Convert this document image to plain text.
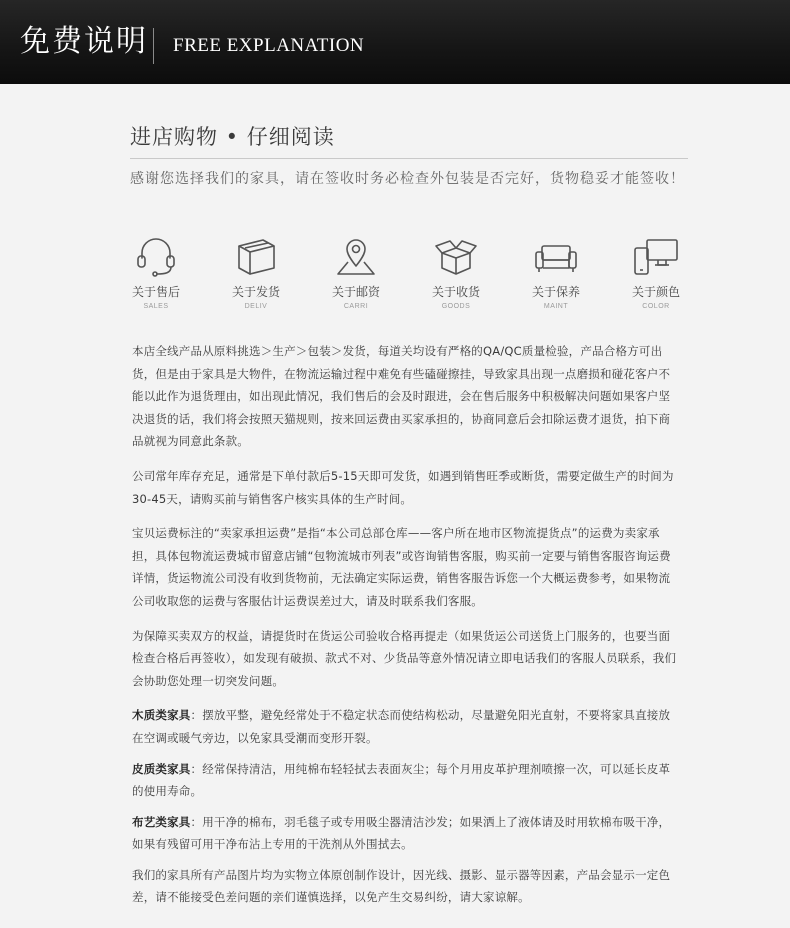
免费说明 FREE EXPLANATION
进店购物 • 仔细阅读
感谢您选择我们的家具，请在签收时务必检查外包装是否完好，货物稳妥才能签收！
关于售后
SALES
关于发货
DELIV
关于邮资
CARRI
关于收货
GOODS
关于保养
MAINT
关于颜色
COLOR

本店全线产品从原料挑选＞生产＞包装＞发货，每道关均设有严格的QA/QC质量检验，产品合格方可出货，但是由于家具是大物件，在物流运输过程中难免有些磕碰擦挂，导致家具出现一点磨损和碰花客户不能以此作为退货理由，如出现此情况，我们售后的会及时跟进，会在售后服务中积极解决问题如果客户坚决退货的话，我们将会按照天猫规则，按来回运费由买家承担的，协商同意后会扣除运费才退货，拍下商品就视为同意此条款。

公司常年库存充足，通常是下单付款后5-15天即可发货，如遇到销售旺季或断货，需要定做生产的时间为30-45天，请购买前与销售客户核实具体的生产时间。

宝贝运费标注的“卖家承担运费”是指“本公司总部仓库——客户所在地市区物流提货点”的运费为卖家承担，具体包物流运费城市留意店铺“包物流城市列表”或咨询销售客服，购买前一定要与销售客服咨询运费详情，货运物流公司没有收到货物前，无法确定实际运费，销售客服告诉您一个大概运费参考，如果物流公司收取您的运费与客服估计运费误差过大，请及时联系我们客服。

为保障买卖双方的权益，请提货时在货运公司验收合格再提走（如果货运公司送货上门服务的，也要当面检查合格后再签收），如发现有破损、款式不对、少货品等意外情况请立即电话我们的客服人员联系，我们会协助您处理一切突发问题。

木质类家具：摆放平整，避免经常处于不稳定状态而使结构松动，尽量避免阳光直射，不要将家具直接放在空调或暖气旁边，以免家具受潮而变形开裂。

皮质类家具：经常保持清洁，用纯棉布轻轻拭去表面灰尘；每个月用皮革护理剂喷擦一次，可以延长皮革的使用寿命。

布艺类家具：用干净的棉布，羽毛毯子或专用吸尘器清洁沙发；如果洒上了液体请及时用软棉布吸干净，如果有残留可用干净布沾上专用的干洗剂从外围拭去。

我们的家具所有产品图片均为实物立体原创制作设计，因光线、摄影、显示器等因素，产品会显示一定色差，请不能接受色差问题的亲们谨慎选择，以免产生交易纠纷，请大家谅解。
